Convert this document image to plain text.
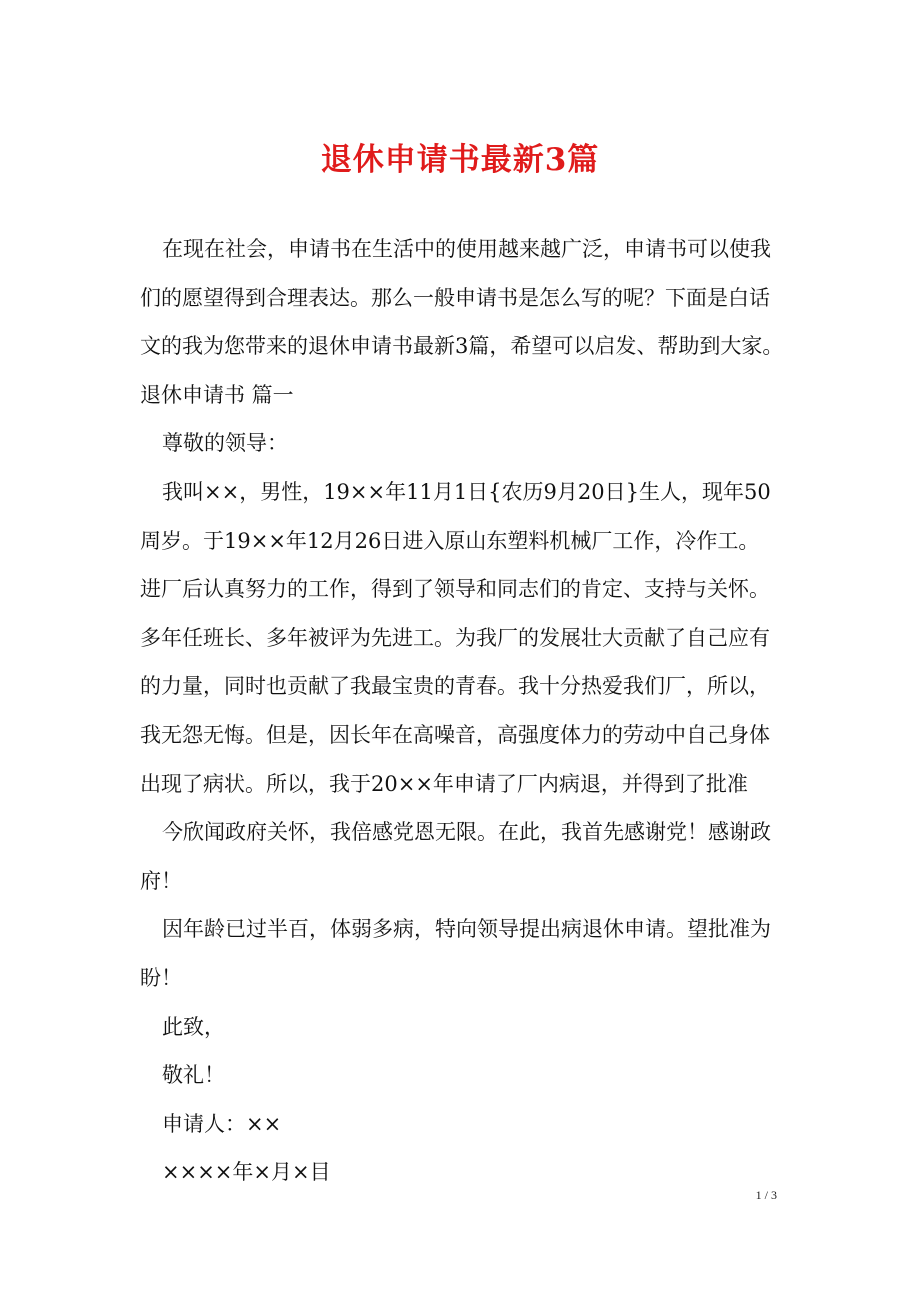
退休申请书最新3篇
在现在社会，申请书在生活中的使用越来越广泛，申请书可以使我
们的愿望得到合理表达。那么一般申请书是怎么写的呢？下面是白话
文的我为您带来的退休申请书最新3篇，希望可以启发、帮助到大家。
退休申请书 篇一
尊敬的领导：
我叫××，男性，19××年11月1日{农历9月20日}生人，现年50
周岁。于19××年12月26日进入原山东塑料机械厂工作，冷作工。
进厂后认真努力的工作，得到了领导和同志们的肯定、支持与关怀。
多年任班长、多年被评为先进工。为我厂的发展壮大贡献了自己应有
的力量，同时也贡献了我最宝贵的青春。我十分热爱我们厂，所以，
我无怨无悔。但是，因长年在高噪音，高强度体力的劳动中自己身体
出现了病状。所以，我于20××年申请了厂内病退，并得到了批准
今欣闻政府关怀，我倍感党恩无限。在此，我首先感谢党！感谢政
府！
因年龄已过半百，体弱多病，特向领导提出病退休申请。望批准为
盼！
此致，
敬礼！
申请人：××
××××年×月×目
1 / 3
